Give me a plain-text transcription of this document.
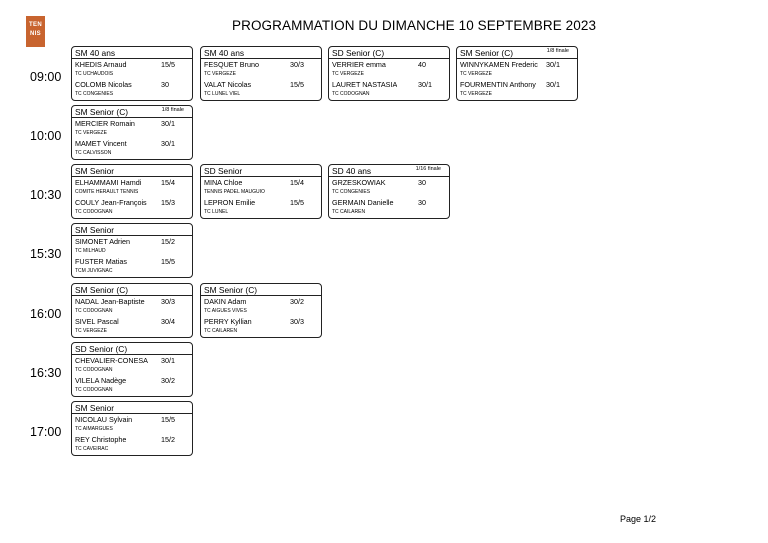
TEN
NIS
PROGRAMMATION DU DIMANCHE 10 SEPTEMBRE 2023
09:00
SM 40 ans
KHEDIS Arnaud	15/5
TC UCHAUDOIS
COLOMB Nicolas	30
TC CONGENIES
SM 40 ans
FESQUET Bruno	30/3
TC VERGEZE
VALAT Nicolas	15/5
TC LUNEL VIEL
SD Senior (C)
VERRIER emma	40
TC VERGEZE
LAURET NASTASIA	30/1
TC CODOGNAN
SM Senior (C)	1/8 finale
WINNYKAMEN Frederic 30/1
TC VERGEZE
FOURMENTIN Anthony 30/1
TC VERGEZE
10:00
SM Senior (C)	1/8 finale
MERCIER Romain	30/1
TC VERGEZE
MAMET Vincent	30/1
TC CALVISSON
10:30
SM Senior
ELHAMMAMI Hamdi	15/4
COMITE HERAULT TENNIS
COULY Jean-François 15/3
TC CODOGNAN
SD Senior
MINA Chloe	15/4
TENNIS PADEL MAUGUIO
LEPRON Emilie	15/5
TC LUNEL
SD 40 ans	1/16 finale
GRZESKOWIAK	30
TC CONGENIES
GERMAIN Danielle	30
TC CAILAREN
15:30
SM Senior
SIMONET Adrien	15/2
TC MILHAUD
FUSTER Matias	15/5
TCM JUVIGNAC
16:00
SM Senior (C)
NADAL Jean-Baptiste 30/3
TC CODOGNAN
SIVEL Pascal	30/4
TC VERGEZE
SM Senior (C)
DAKIN Adam	30/2
TC AIGUES VIVES
PERRY Kyllian	30/3
TC CAILAREN
16:30
SD Senior (C)
CHEVALIER-CONESA 30/1
TC CODOGNAN
VILELA Nadège	30/2
TC CODOGNAN
17:00
SM Senior
NICOLAU Sylvain	15/5
TC AIMARGUES
REY Christophe	15/2
TC CAVEIRAC
Page 1/2
